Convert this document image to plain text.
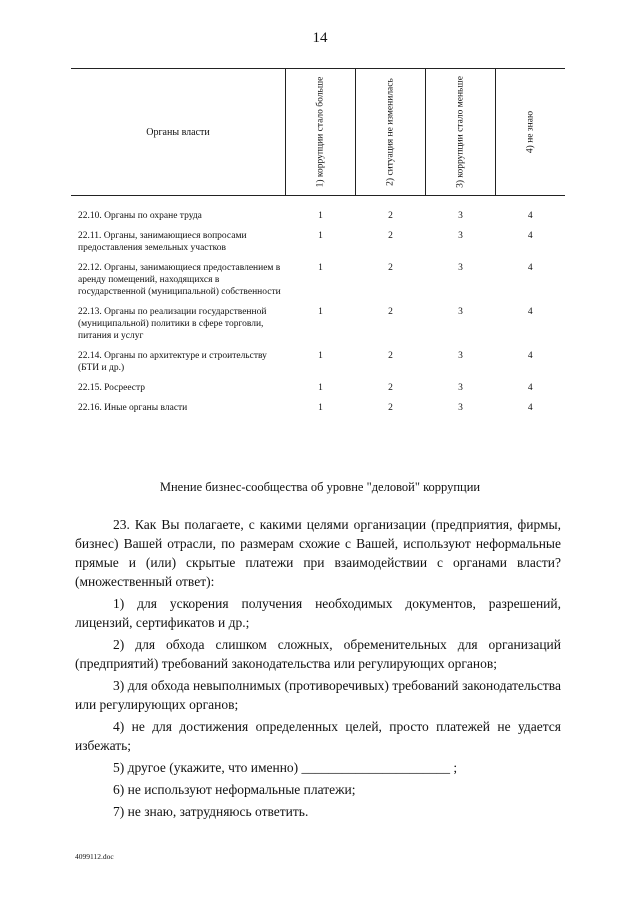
14
Органы власти	1) коррупции стало больше	2) ситуация не изменилась	3) коррупции стало меньше	4) не знаю

22.10. Органы по охране труда	1	2	3	4
22.11. Органы, занимающиеся вопросами предоставления земельных участков	1	2	3	4
22.12. Органы, занимающиеся предоставлением в аренду помещений, находящихся в государственной (муниципальной) собственности	1	2	3	4
22.13. Органы по реализации государственной (муниципальной) политики в сфере торговли, питания и услуг	1	2	3	4
22.14. Органы по архитектуре и строительству (БТИ и др.)	1	2	3	4
22.15. Росреестр	1	2	3	4
22.16. Иные органы власти	1	2	3	4
Мнение бизнес-сообщества об уровне "деловой" коррупции

23. Как Вы полагаете, с какими целями организации (предприятия, фирмы, бизнес) Вашей отрасли, по размерам схожие с Вашей, используют неформальные прямые и (или) скрытые платежи при взаимодействии с органами власти? (множественный ответ):

1) для ускорения получения необходимых документов, разрешений, лицензий, сертификатов и др.;

2) для обхода слишком сложных, обременительных для организаций (предприятий) требований законодательства или регулирующих органов;

3) для обхода невыполнимых (противоречивых) требований законодательства или регулирующих органов;

4) не для достижения определенных целей, просто платежей не удается избежать;

5) другое (укажите, что именно) ______________________ ;

6) не используют неформальные платежи;

7) не знаю, затрудняюсь ответить.

4099112.doc
